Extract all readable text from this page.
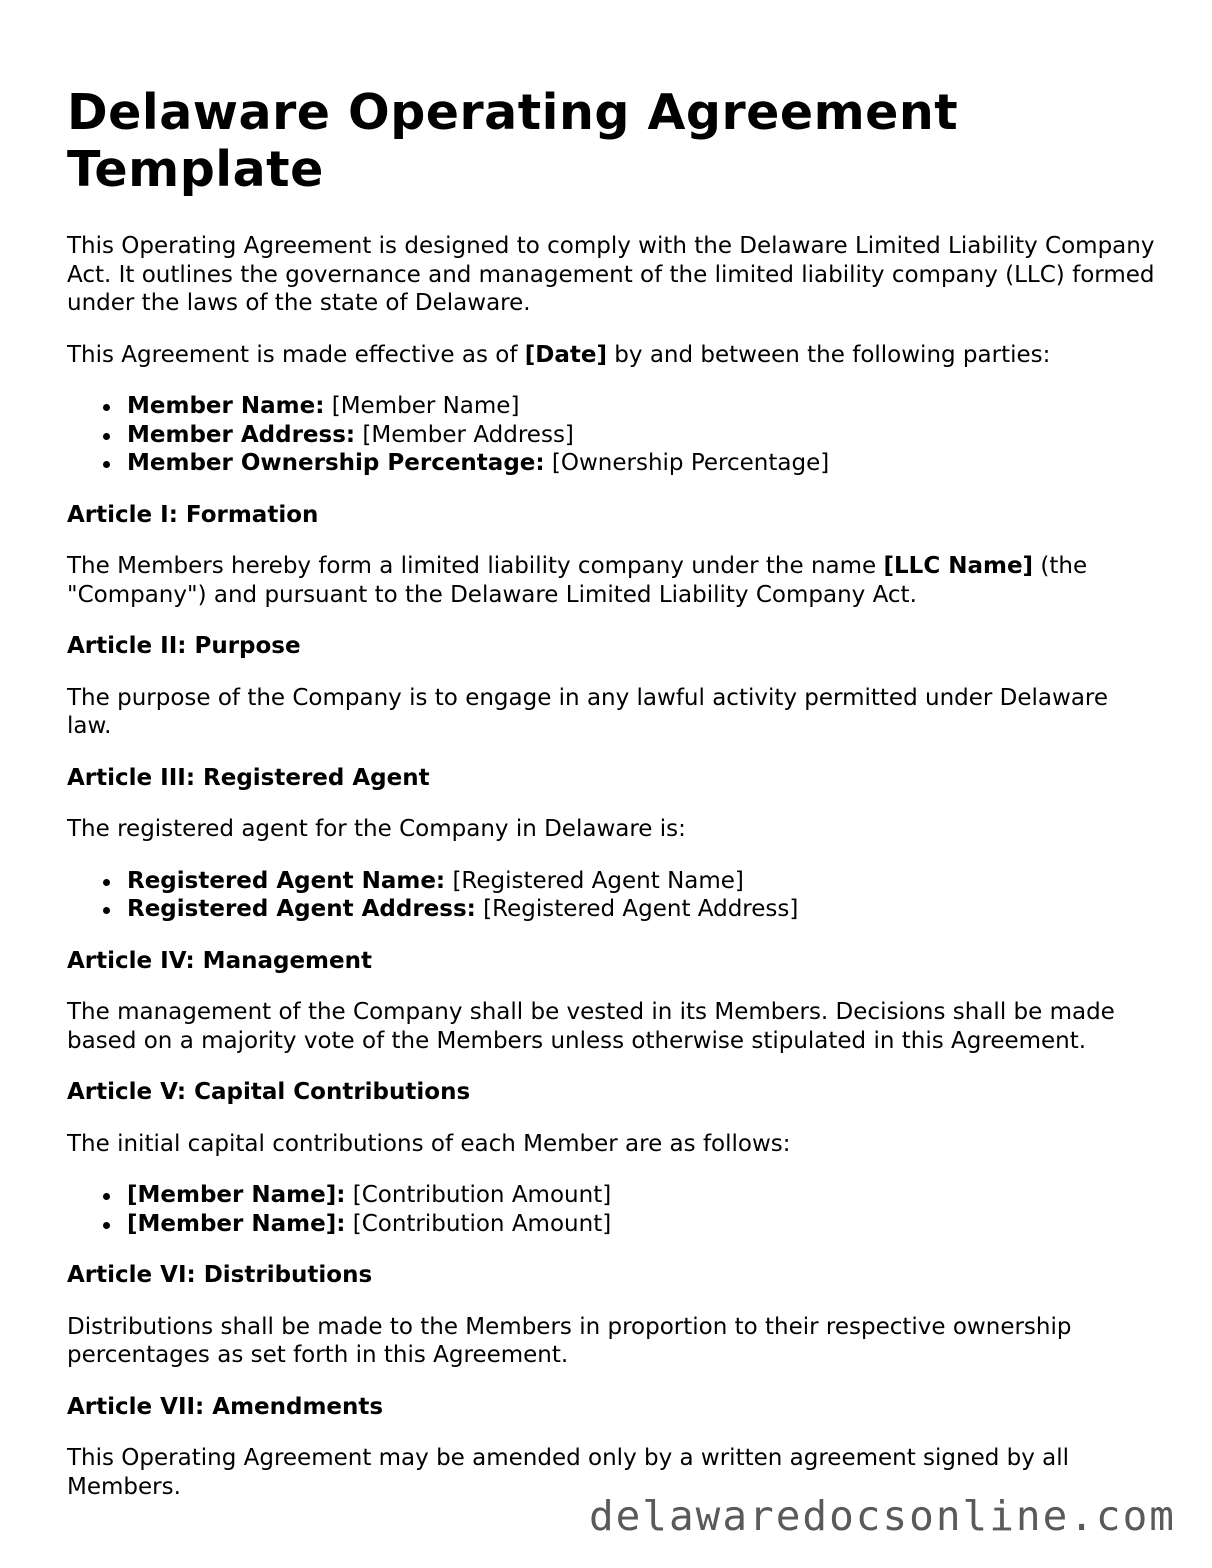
Delaware Operating Agreement Template

This Operating Agreement is designed to comply with the Delaware Limited Liability Company Act. It outlines the governance and management of the limited liability company (LLC) formed under the laws of the state of Delaware.

This Agreement is made effective as of [Date] by and between the following parties:

Member Name: [Member Name]
Member Address: [Member Address]
Member Ownership Percentage: [Ownership Percentage]
Article I: Formation

The Members hereby form a limited liability company under the name [LLC Name] (the "Company") and pursuant to the Delaware Limited Liability Company Act.

Article II: Purpose

The purpose of the Company is to engage in any lawful activity permitted under Delaware law.

Article III: Registered Agent

The registered agent for the Company in Delaware is:

Registered Agent Name: [Registered Agent Name]
Registered Agent Address: [Registered Agent Address]
Article IV: Management

The management of the Company shall be vested in its Members. Decisions shall be made based on a majority vote of the Members unless otherwise stipulated in this Agreement.

Article V: Capital Contributions

The initial capital contributions of each Member are as follows:

[Member Name]: [Contribution Amount]
[Member Name]: [Contribution Amount]
Article VI: Distributions

Distributions shall be made to the Members in proportion to their respective ownership percentages as set forth in this Agreement.

Article VII: Amendments

This Operating Agreement may be amended only by a written agreement signed by all Members.

delawaredocsonline.com
